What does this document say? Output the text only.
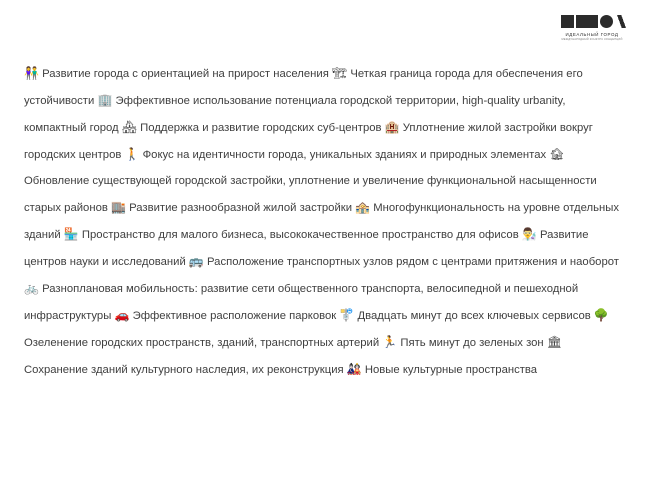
ИДЕАЛЬНЫЙ ГОРОД
МЕЖДУНАРОДНЫЙ КОНКУРС КОНЦЕПЦИЙ
👫 Развитие города с ориентацией на прирост населения 🏗 Четкая граница города для обеспечения его устойчивости 🏢 Эффективное использование потенциала городской территории, high-quality urbanity, компактный город 🏘 Поддержка и развитие городских суб-центров 🏨 Уплотнение жилой застройки вокруг городских центров 🚶 Фокус на идентичности города, уникальных зданиях и природных элементах 🏚 Обновление существующей городской застройки, уплотнение и увеличение функциональной насыщенности старых районов 🏬 Развитие разнообразной жилой застройки 🏤 Многофункциональность на уровне отдельных зданий 🏪 Пространство для малого бизнеса, высококачественное пространство для офисов 👨‍🔬 Развитие центров науки и исследований 🚌 Расположение транспортных узлов рядом с центрами притяжения и наоборот 🚲 Разноплановая мобильность: развитие сети общественного транспорта, велосипедной и пешеходной инфраструктуры 🚗 Эффективное расположение парковок 🚏 Двадцать минут до всех ключевых сервисов 🌳 Озеленение городских пространств, зданий, транспортных артерий 🏃 Пять минут до зеленых зон 🏛 Сохранение зданий культурного наследия, их реконструкция 🎎 Новые культурные пространства
